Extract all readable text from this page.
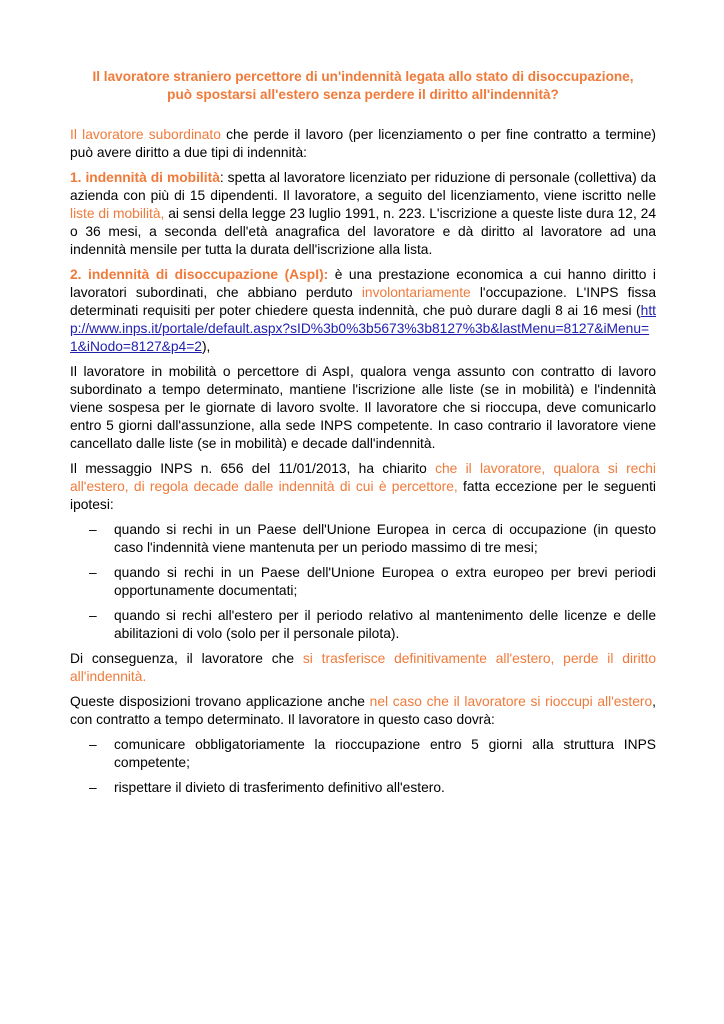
Il lavoratore straniero percettore di un'indennità legata allo stato di disoccupazione,
può spostarsi all'estero senza perdere il diritto all'indennità?

Il lavoratore subordinato che perde il lavoro (per licenziamento o per fine contratto a termine) può avere diritto a due tipi di indennità:

1. indennità di mobilità: spetta al lavoratore licenziato per riduzione di personale (collettiva) da azienda con più di 15 dipendenti. Il lavoratore, a seguito del licenziamento, viene iscritto nelle liste di mobilità, ai sensi della legge 23 luglio 1991, n. 223. L'iscrizione a queste liste dura 12, 24 o 36 mesi, a seconda dell'età anagrafica del lavoratore e dà diritto al lavoratore ad una indennità mensile per tutta la durata dell'iscrizione alla lista.

2. indennità di disoccupazione (AspI): è una prestazione economica a cui hanno diritto i lavoratori subordinati, che abbiano perduto involontariamente l'occupazione. L'INPS fissa determinati requisiti per poter chiedere questa indennità, che può durare dagli 8 ai 16 mesi (http://www.inps.it/portale/default.aspx?sID%3b0%3b5673%3b8127%3b&lastMenu=8127&iMenu=1&iNodo=8127&p4=2),

Il lavoratore in mobilità o percettore di AspI, qualora venga assunto con contratto di lavoro subordinato a tempo determinato, mantiene l'iscrizione alle liste (se in mobilità) e l'indennità viene sospesa per le giornate di lavoro svolte. Il lavoratore che si rioccupa, deve comunicarlo entro 5 giorni dall'assunzione, alla sede INPS competente. In caso contrario il lavoratore viene cancellato dalle liste (se in mobilità) e decade dall'indennità.

Il messaggio INPS n. 656 del 11/01/2013, ha chiarito che il lavoratore, qualora si rechi all'estero, di regola decade dalle indennità di cui è percettore, fatta eccezione per le seguenti ipotesi:

– quando si rechi in un Paese dell'Unione Europea in cerca di occupazione (in questo caso l'indennità viene mantenuta per un periodo massimo di tre mesi;
– quando si rechi in un Paese dell'Unione Europea o extra europeo per brevi periodi opportunamente documentati;
– quando si rechi all'estero per il periodo relativo al mantenimento delle licenze e delle abilitazioni di volo (solo per il personale pilota).

Di conseguenza, il lavoratore che si trasferisce definitivamente all'estero, perde il diritto all'indennità.

Queste disposizioni trovano applicazione anche nel caso che il lavoratore si rioccupi all'estero, con contratto a tempo determinato. Il lavoratore in questo caso dovrà:

– comunicare obbligatoriamente la rioccupazione entro 5 giorni alla struttura INPS competente;
– rispettare il divieto di trasferimento definitivo all'estero.
